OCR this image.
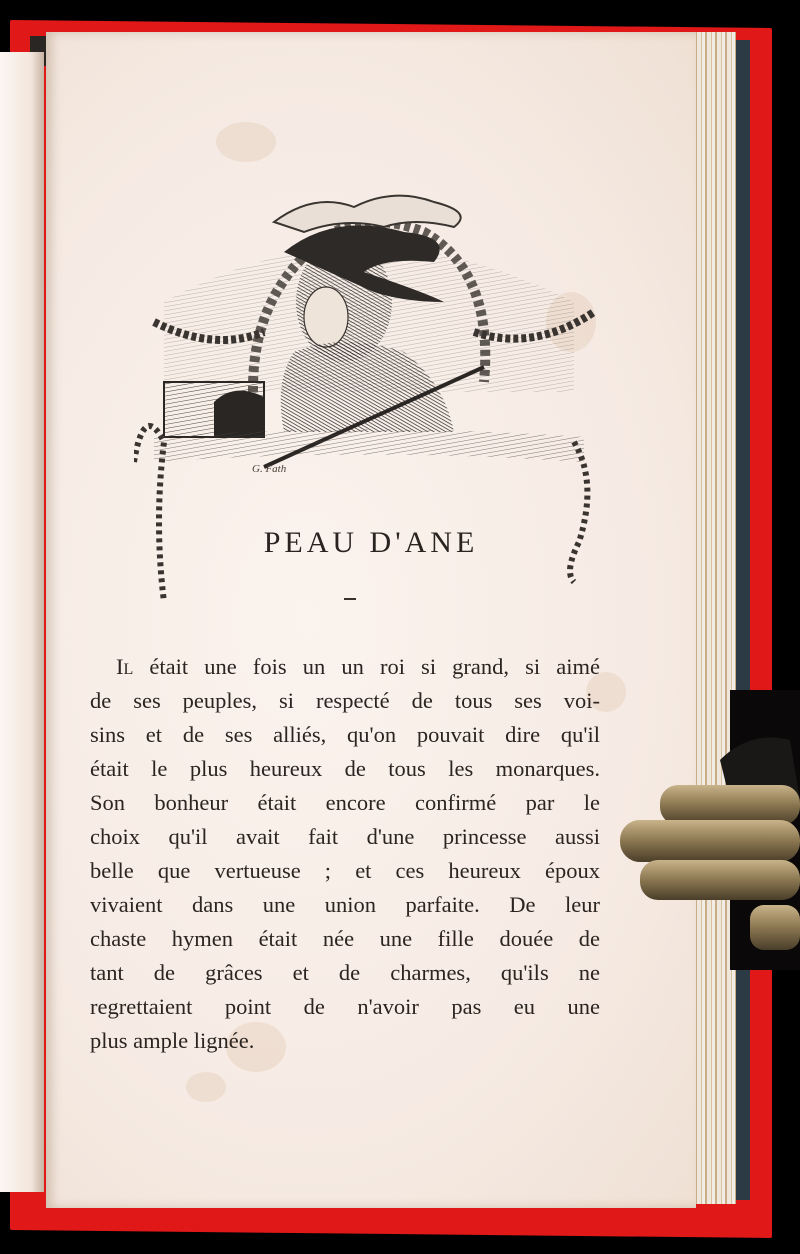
G. Fath
PEAU D'ANE
Il était une fois un un roi si grand, si aimé
de ses peuples, si respecté de tous ses voi-
sins et de ses alliés, qu'on pouvait dire qu'il
était le plus heureux de tous les monarques.
Son bonheur était encore confirmé par le
choix qu'il avait fait d'une princesse aussi
belle que vertueuse ; et ces heureux époux
vivaient dans une union parfaite. De leur
chaste hymen était née une fille douée de
tant de grâces et de charmes, qu'ils ne
regrettaient point de n'avoir pas eu une
plus ample lignée.
